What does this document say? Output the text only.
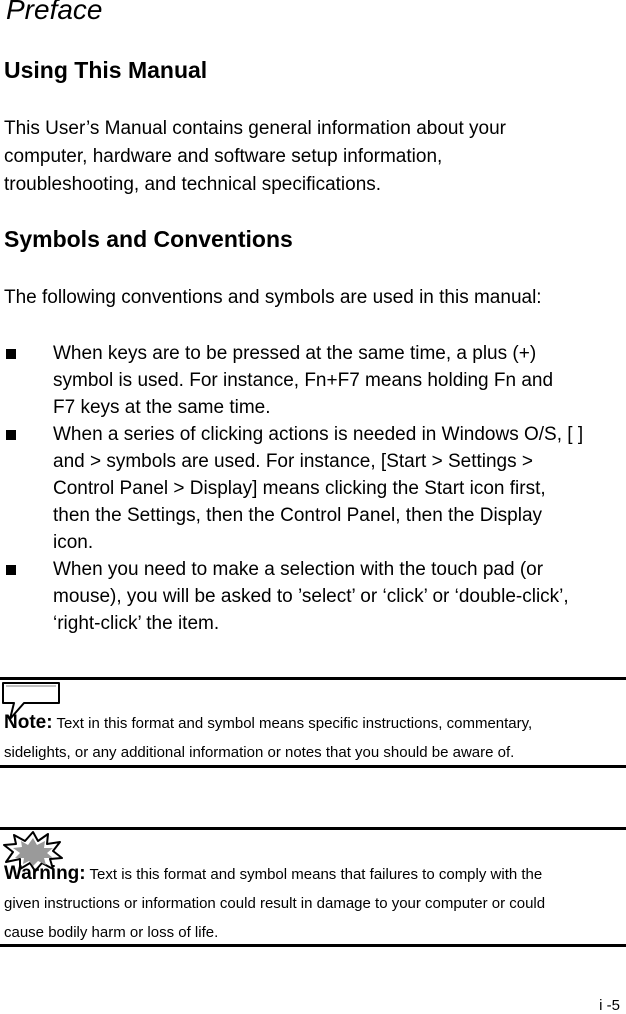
Preface
Using This Manual
This User’s Manual contains general information about your
computer, hardware and software setup information,
troubleshooting, and technical specifications.
Symbols and Conventions
The following conventions and symbols are used in this manual:
When keys are to be pressed at the same time, a plus (+)
symbol is used. For instance, Fn+F7 means holding Fn and
F7 keys at the same time.
When a series of clicking actions is needed in Windows O/S, [ ]
and > symbols are used. For instance, [Start > Settings >
Control Panel > Display] means clicking the Start icon first,
then the Settings, then the Control Panel, then the Display
icon.
When you need to make a selection with the touch pad (or
mouse), you will be asked to ’select’ or ‘click’ or ‘double-click’,
‘right-click’ the item.
Note: Text in this format and symbol means specific instructions, commentary,
sidelights, or any additional information or notes that you should be aware of.
Warning: Text is this format and symbol means that failures to comply with the
given instructions or information could result in damage to your computer or could
cause bodily harm or loss of life.
i -5
